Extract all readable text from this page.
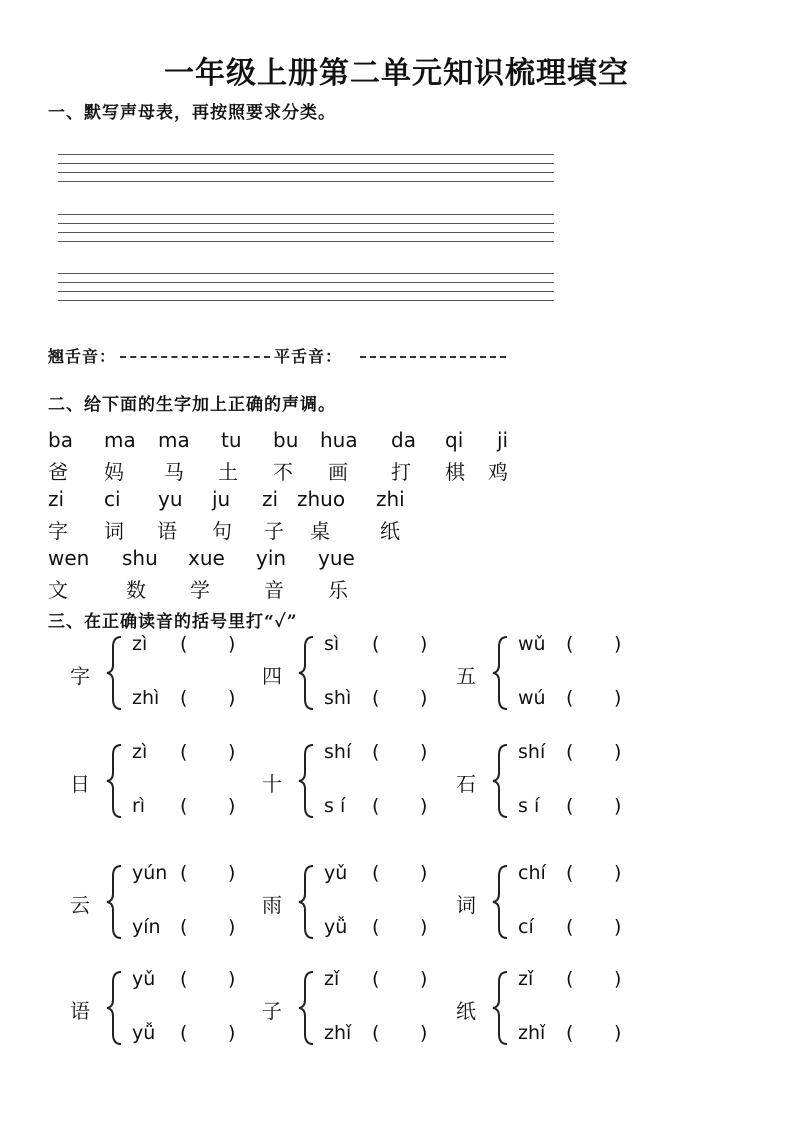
一年级上册第二单元知识梳理填空
一、默写声母表，再按照要求分类。
翘舌音：	平舌音：
二、给下面的生字加上正确的声调。
ba ma ma tu bu hua da qi ji
爸 妈 马 土 不 画 打 棋 鸡
zi ci yu ju zi zhuo zhi
字 词 语 句 子 桌	纸
wen shu xue yin yue
文	数 学	音 乐
三、在正确读音的括号里打“✓”
字
zì ( )
zhì ( )
四
sì ( )
shì ( )
五
wǔ ( )
wú ( )
日
zì ( )
rì ( )
十
shí ( )
s í ( )
石
shí ( )
s í ( )
云
yún ( )
yín ( )
雨
yǔ ( )
yǚ ( )
词
chí ( )
cí ( )
语
yǔ ( )
yǚ ( )
子
zǐ ( )
zhǐ ( )
纸
zǐ ( )
zhǐ ( )
